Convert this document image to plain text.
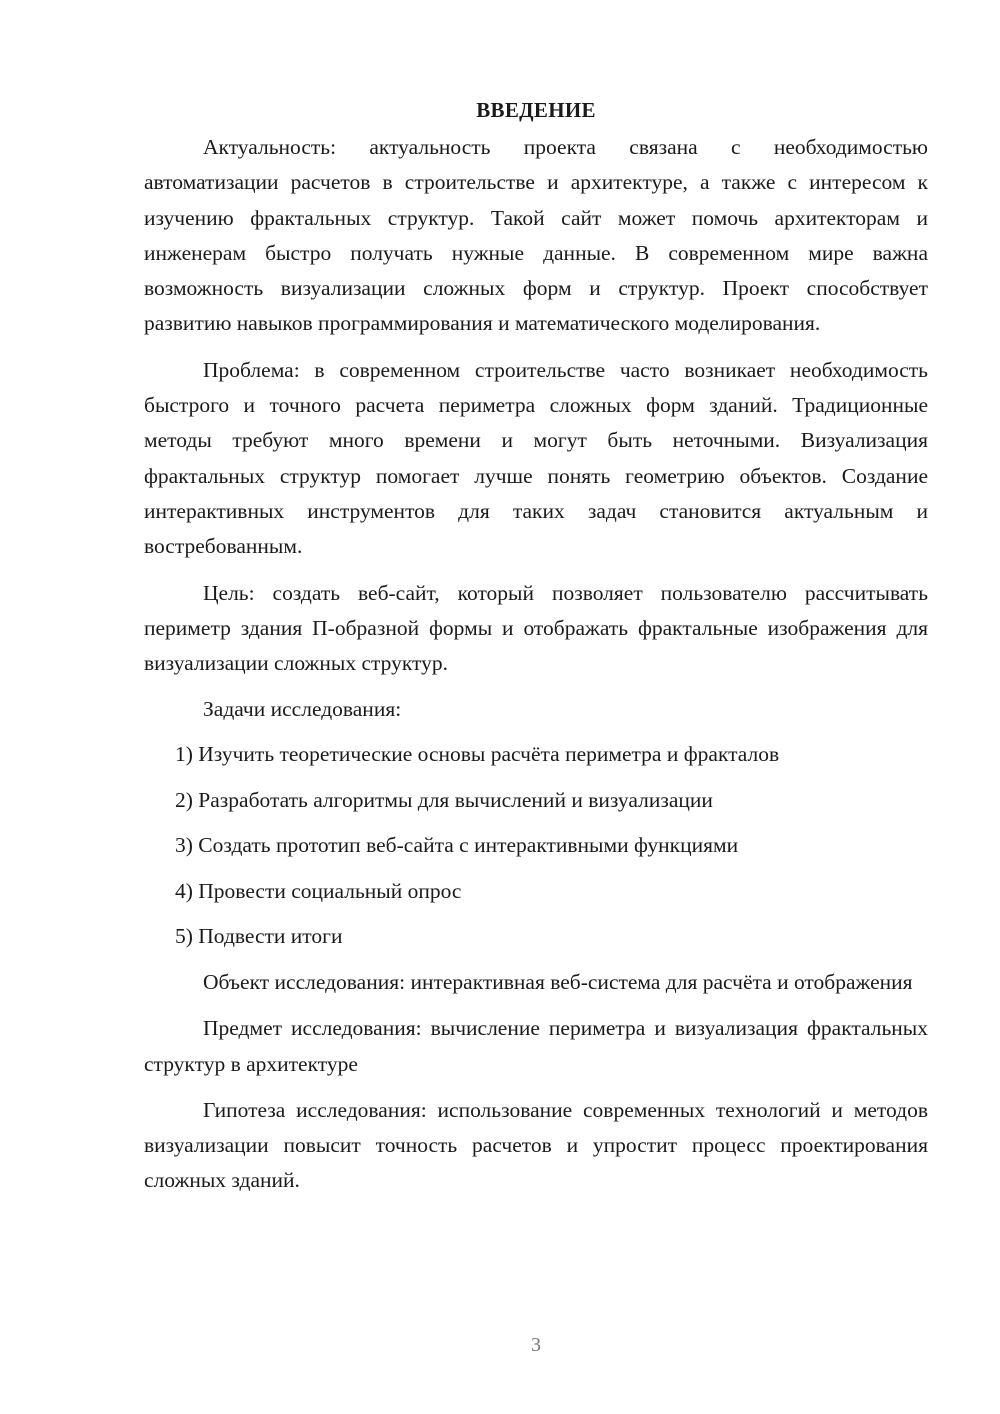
ВВЕДЕНИЕ

Актуальность: актуальность проекта связана с необходимостью автоматизации расчетов в строительстве и архитектуре, а также с интересом к изучению фрактальных структур. Такой сайт может помочь архитекторам и инженерам быстро получать нужные данные. В современном мире важна возможность визуализации сложных форм и структур. Проект способствует развитию навыков программирования и математического моделирования.

Проблема: в современном строительстве часто возникает необходимость быстрого и точного расчета периметра сложных форм зданий. Традиционные методы требуют много времени и могут быть неточными. Визуализация фрактальных структур помогает лучше понять геометрию объектов. Создание интерактивных инструментов для таких задач становится актуальным и востребованным.

Цель: создать веб-сайт, который позволяет пользователю рассчитывать периметр здания П-образной формы и отображать фрактальные изображения для визуализации сложных структур.

Задачи исследования:
1) Изучить теоретические основы расчёта периметра и фракталов
2) Разработать алгоритмы для вычислений и визуализации
3) Создать прототип веб-сайта с интерактивными функциями
4) Провести социальный опрос
5) Подвести итоги

Объект исследования: интерактивная веб-система для расчёта и отображения

Предмет исследования: вычисление периметра и визуализация фрактальных структур в архитектуре

Гипотеза исследования: использование современных технологий и методов визуализации повысит точность расчетов и упростит процесс проектирования сложных зданий.

3
